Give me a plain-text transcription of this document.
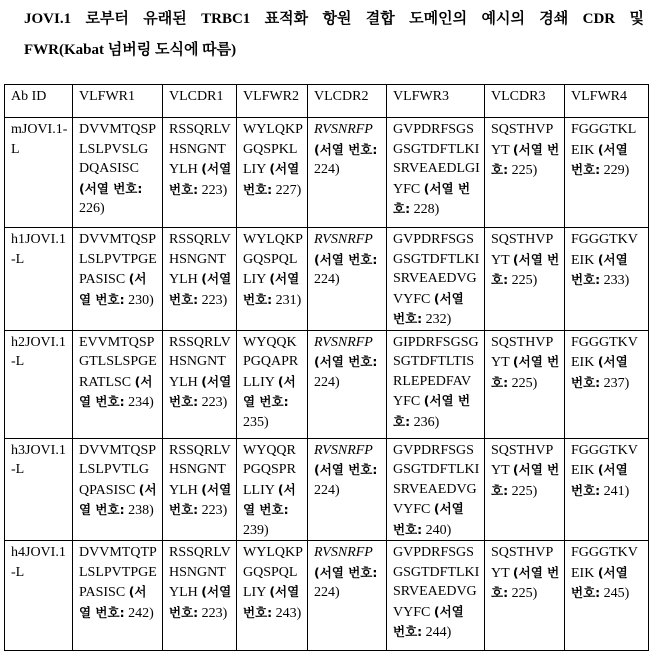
JOVI.1 로부터 유래된 TRBC1 표적화 항원 결합 도메인의 예시의 경쇄 CDR 및
FWR(Kabat 넘버링 도식에 따름)
Ab ID	VLFWR1	VLCDR1	VLFWR2	VLCDR2	VLFWR3	VLCDR3	VLFWR4
mJOVI.1-L	DVVMTQSPLSLPVSLGDQASISC (서열 번호: 226)	RSSQRLVHSNGNTYLH (서열 번호: 223)	WYLQKPGQSPKLLIY (서열 번호: 227)	RVSNRFP (서열 번호: 224)	GVPDRFSGSGSGTDFTLKISRVEAEDLGIYFC (서열 번호: 228)	SQSTHVPYT (서열 번호: 225)	FGGGTKLEIK (서열 번호: 229)
h1JOVI.1-L	DVVMTQSPLSLPVTPGEPASISC (서열 번호: 230)	RSSQRLVHSNGNTYLH (서열 번호: 223)	WYLQKPGQSPQLLIY (서열 번호: 231)	RVSNRFP (서열 번호: 224)	GVPDRFSGSGSGTDFTLKISRVEAEDVGVYFC (서열 번호: 232)	SQSTHVPYT (서열 번호: 225)	FGGGTKVEIK (서열 번호: 233)
h2JOVI.1-L	EVVMTQSPGTLSLSPGERATLSC (서열 번호: 234)	RSSQRLVHSNGNTYLH (서열 번호: 223)	WYQQKPGQAPRLLIY (서열 번호: 235)	RVSNRFP (서열 번호: 224)	GIPDRFSGSGSGTDFTLTISRLEPEDFAVYFC (서열 번호: 236)	SQSTHVPYT (서열 번호: 225)	FGGGTKVEIK (서열 번호: 237)
h3JOVI.1-L	DVVMTQSPLSLPVTLGQPASISC (서열 번호: 238)	RSSQRLVHSNGNTYLH (서열 번호: 223)	WYQQRPGQSPRLLIY (서열 번호: 239)	RVSNRFP (서열 번호: 224)	GVPDRFSGSGSGTDFTLKISRVEAEDVGVYFC (서열 번호: 240)	SQSTHVPYT (서열 번호: 225)	FGGGTKVEIK (서열 번호: 241)
h4JOVI.1-L	DVVMTQTPLSLPVTPGEPASISC (서열 번호: 242)	RSSQRLVHSNGNTYLH (서열 번호: 223)	WYLQKPGQSPQLLIY (서열 번호: 243)	RVSNRFP (서열 번호: 224)	GVPDRFSGSGSGTDFTLKISRVEAEDVGVYFC (서열 번호: 244)	SQSTHVPYT (서열 번호: 225)	FGGGTKVEIK (서열 번호: 245)
